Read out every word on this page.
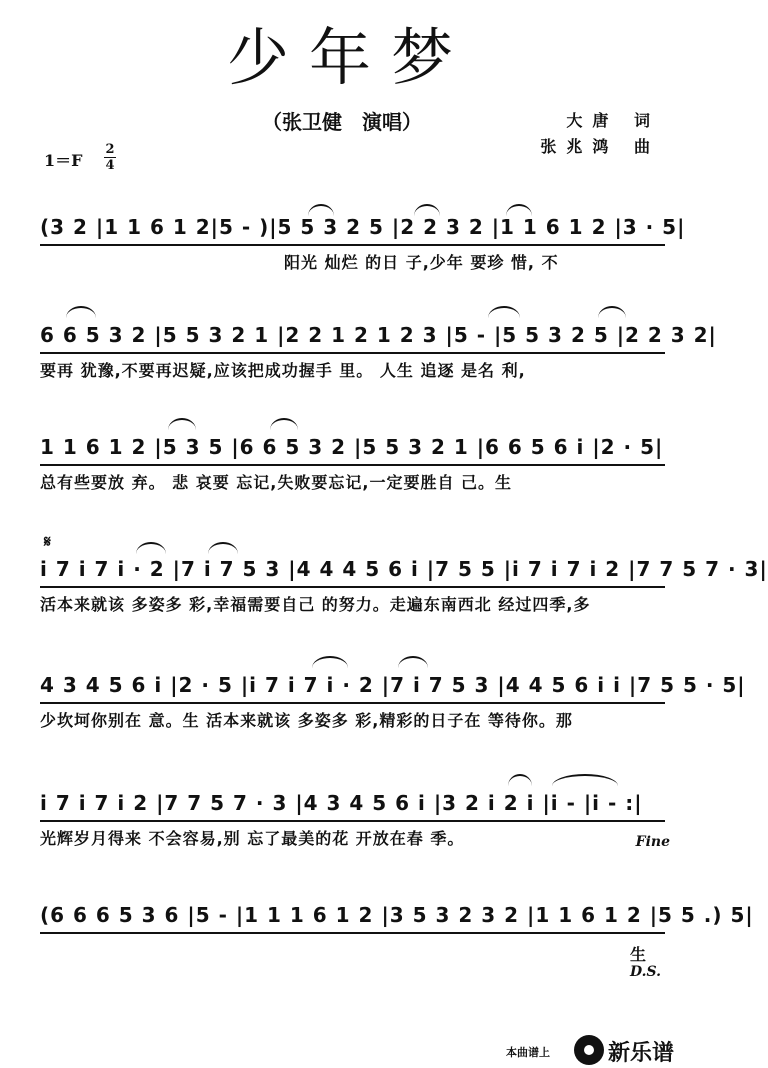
少年梦
（张卫健　演唱）	大唐 词
张兆鸿 曲
1＝F
2
4
(3 2 |1 1 6 1 2|5 - )|5 5 3 2 5 |2 2 3 2 |1 1 6 1 2 |3 · 5|
阳光 灿烂 的日 子,少年 要珍 惜, 不
6 6 5 3 2 |5 5 3 2 1 |2 2 1 2 1 2 3 |5 - |5 5 3 2 5 |2 2 3 2|
要再 犹豫,不要再迟疑,应该把成功握手 里。 人生 追逐 是名 利,
1 1 6 1 2 |5 3 5 |6 6 5 3 2 |5 5 3 2 1 |6 6 5 6 i |2 · 5|
总有些要放 弃。 悲 哀要 忘记,失败要忘记,一定要胜自 己。生
𝄋
i 7 i 7 i · 2 |7 i 7 5 3 |4 4 4 5 6 i |7 5 5 |i 7 i 7 i 2 |7 7 5 7 · 3|
活本来就该 多姿多 彩,幸福需要自己 的努力。走遍东南西北 经过四季,多
4 3 4 5 6 i |2 · 5 |i 7 i 7 i · 2 |7 i 7 5 3 |4 4 5 6 i i |7 5 5 · 5|
少坎坷你别在 意。生 活本来就该 多姿多 彩,精彩的日子在 等待你。那
i 7 i 7 i 2 |7 7 5 7 · 3 |4 3 4 5 6 i |3 2 i 2 i |i - |i - :|
光辉岁月得来 不会容易,别 忘了最美的花 开放在春 季。	Fine
(6 6 6 5 3 6 |5 - |1 1 1 6 1 2 |3 5 3 2 3 2 |1 1 6 1 2 |5 5 .) 5|
生
D.S.
本曲谱上	新乐谱
